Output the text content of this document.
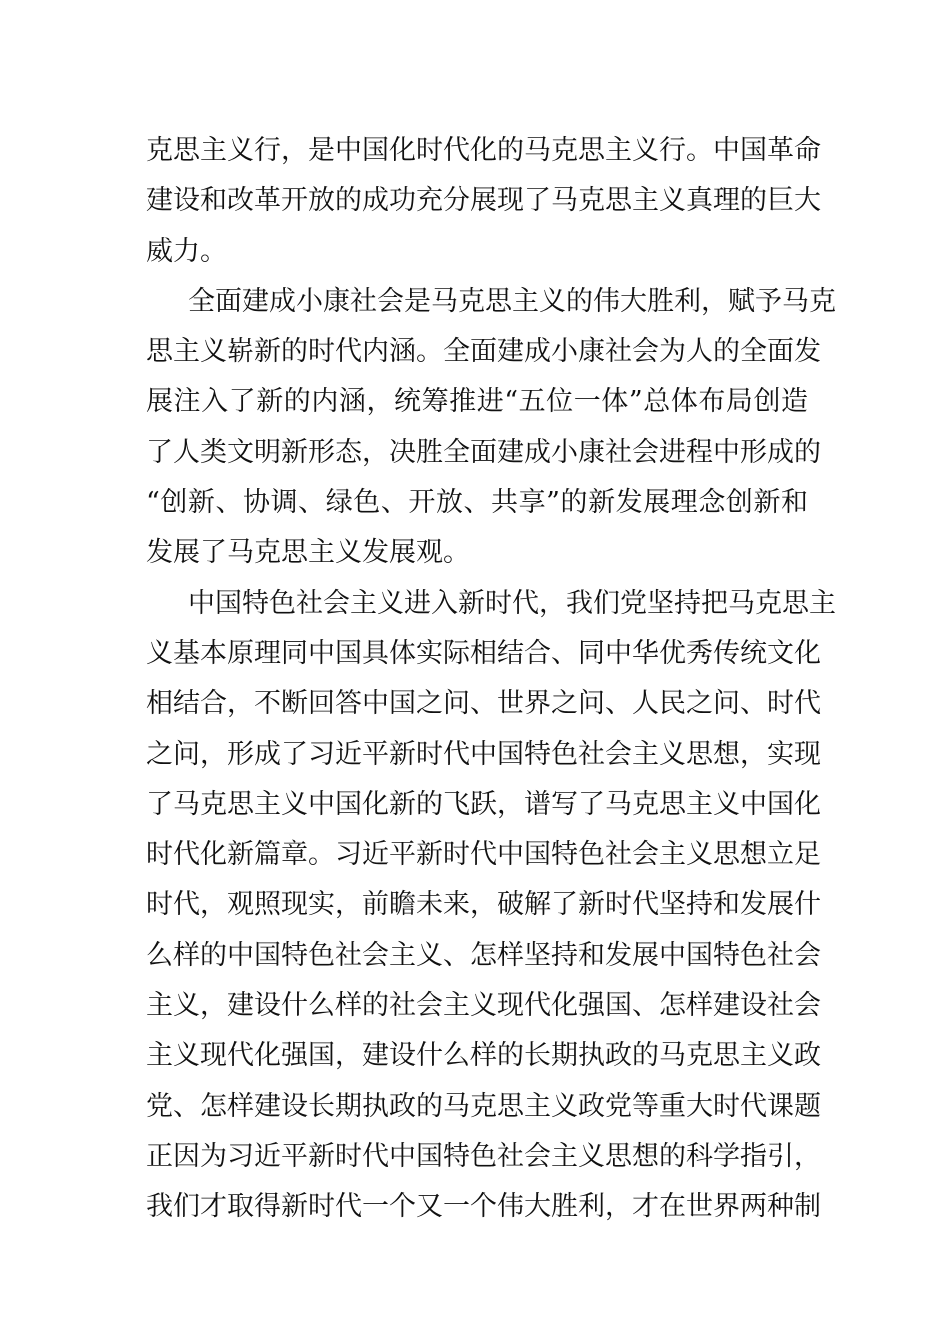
克思主义行，是中国化时代化的马克思主义行。中国革命
建设和改革开放的成功充分展现了马克思主义真理的巨大
威力。
全面建成小康社会是马克思主义的伟大胜利，赋予马克
思主义崭新的时代内涵。全面建成小康社会为人的全面发
展注入了新的内涵，统筹推进“五位一体”总体布局创造
了人类文明新形态，决胜全面建成小康社会进程中形成的
“创新、协调、绿色、开放、共享”的新发展理念创新和
发展了马克思主义发展观。
中国特色社会主义进入新时代，我们党坚持把马克思主
义基本原理同中国具体实际相结合、同中华优秀传统文化
相结合，不断回答中国之问、世界之问、人民之问、时代
之问，形成了习近平新时代中国特色社会主义思想，实现
了马克思主义中国化新的飞跃，谱写了马克思主义中国化
时代化新篇章。习近平新时代中国特色社会主义思想立足
时代，观照现实，前瞻未来，破解了新时代坚持和发展什
么样的中国特色社会主义、怎样坚持和发展中国特色社会
主义，建设什么样的社会主义现代化强国、怎样建设社会
主义现代化强国，建设什么样的长期执政的马克思主义政
党、怎样建设长期执政的马克思主义政党等重大时代课题
正因为习近平新时代中国特色社会主义思想的科学指引，
我们才取得新时代一个又一个伟大胜利，才在世界两种制
